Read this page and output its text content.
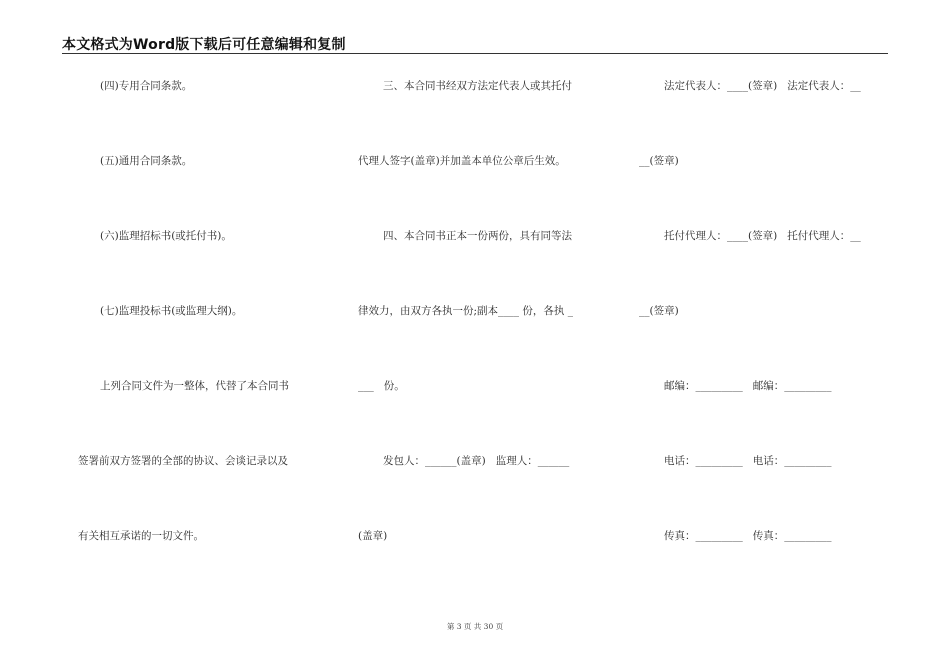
本文格式为Word版下载后可任意编辑和复制
(四)专用合同条款。
(五)通用合同条款。
(六)监理招标书(或托付书)。
(七)监理投标书(或监理大纲)。
上列合同文件为一整体，代替了本合同书
签署前双方签署的全部的协议、会谈记录以及
有关相互承诺的一切文件。
三、本合同书经双方法定代表人或其托付
代理人签字(盖章)并加盖本单位公章后生效。
四、本合同书正本一份两份，具有同等法
律效力，由双方各执一份;副本____ 份，各执 _
___   份。
发包人：______(盖章)   监理人：______
(盖章)
法定代表人：____(签章)   法定代表人：__
__(签章)
托付代理人：____(签章)   托付代理人：__
__(签章)
邮编：_________   邮编：_________
电话：_________   电话：_________
传真：_________   传真：_________
第 3 页 共 30 页
